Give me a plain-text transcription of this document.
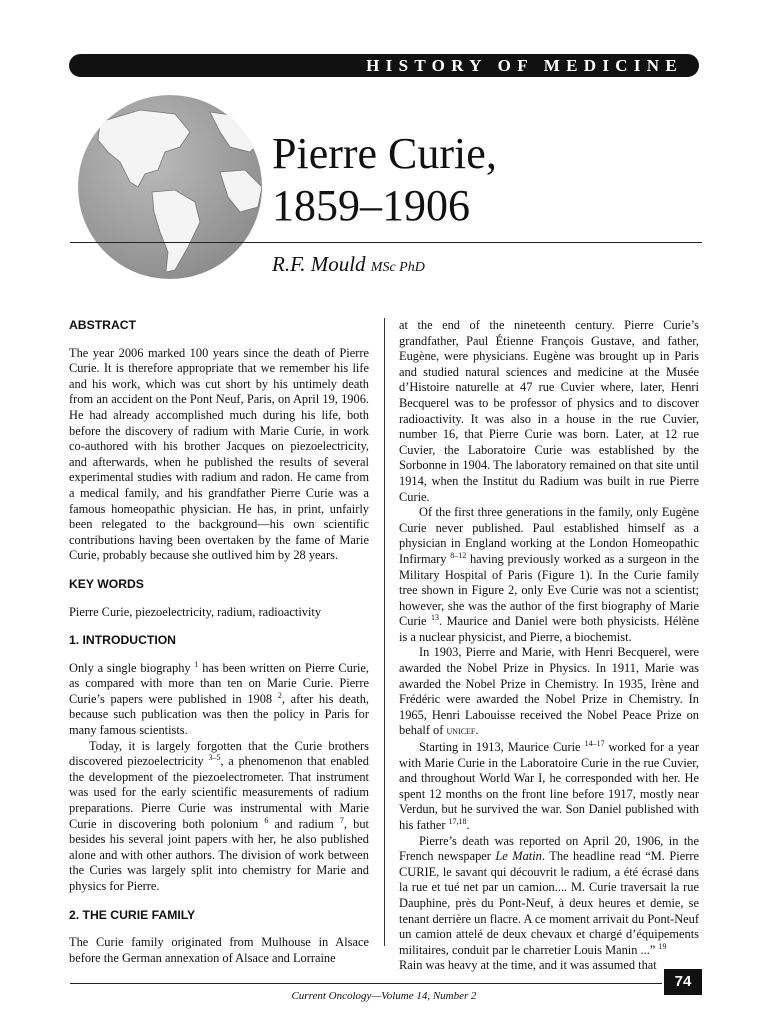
HISTORY OF MEDICINE
Pierre Curie,
1859–1906
R.F. Mould MSc PhD
ABSTRACT

The year 2006 marked 100 years since the death of Pierre Curie. It is therefore appropriate that we remember his life and his work, which was cut short by his untimely death from an accident on the Pont Neuf, Paris, on April 19, 1906. He had already accomplished much during his life, both before the discovery of radium with Marie Curie, in work co-authored with his brother Jacques on piezoelectricity, and afterwards, when he published the results of several experimental studies with radium and radon. He came from a medical family, and his grandfather Pierre Curie was a famous homeopathic physician. He has, in print, unfairly been relegated to the background—his own scientific contributions having been overtaken by the fame of Marie Curie, probably because she outlived him by 28 years.

KEY WORDS

Pierre Curie, piezoelectricity, radium, radioactivity

1. INTRODUCTION

Only a single biography $^1$ has been written on Pierre Curie, as compared with more than ten on Marie Curie. Pierre Curie’s papers were published in 1908 $^2$, after his death, because such publication was then the policy in Paris for many famous scientists.

Today, it is largely forgotten that the Curie brothers discovered piezoelectricity $^{3-5}$, a phenomenon that enabled the development of the piezoelectrometer. That instrument was used for the early scientific measurements of radium preparations. Pierre Curie was instrumental with Marie Curie in discovering both polonium $^6$ and radium $^7$, but besides his several joint papers with her, he also published alone and with other authors. The division of work between the Curies was largely split into chemistry for Marie and physics for Pierre.

2. THE CURIE FAMILY

The Curie family originated from Mulhouse in Alsace before the German annexation of Alsace and Lorraine

at the end of the nineteenth century. Pierre Curie’s grandfather, Paul Étienne François Gustave, and father, Eugène, were physicians. Eugène was brought up in Paris and studied natural sciences and medicine at the Musée d’Histoire naturelle at 47 rue Cuvier where, later, Henri Becquerel was to be professor of physics and to discover radioactivity. It was also in a house in the rue Cuvier, number 16, that Pierre Curie was born. Later, at 12 rue Cuvier, the Laboratoire Curie was established by the Sorbonne in 1904. The laboratory remained on that site until 1914, when the Institut du Radium was built in rue Pierre Curie.

Of the first three generations in the family, only Eugène Curie never published. Paul established himself as a physician in England working at the London Homeopathic Infirmary $^{8-12}$ having previously worked as a surgeon in the Military Hospital of Paris (Figure 1). In the Curie family tree shown in Figure 2, only Eve Curie was not a scientist; however, she was the author of the first biography of Marie Curie $^{13}$. Maurice and Daniel were both physicists. Hélène is a nuclear physicist, and Pierre, a biochemist.

In 1903, Pierre and Marie, with Henri Becquerel, were awarded the Nobel Prize in Physics. In 1911, Marie was awarded the Nobel Prize in Chemistry. In 1935, Irène and Frédéric were awarded the Nobel Prize in Chemistry. In 1965, Henri Labouisse received the Nobel Peace Prize on behalf of unicef.

Starting in 1913, Maurice Curie $^{14-17}$ worked for a year with Marie Curie in the Laboratoire Curie in the rue Cuvier, and throughout World War I, he corresponded with her. He spent 12 months on the front line before 1917, mostly near Verdun, but he survived the war. Son Daniel published with his father $^{17,18}$.

Pierre’s death was reported on April 20, 1906, in the French newspaper Le Matin. The headline read “M. Pierre CURIE, le savant qui découvrit le radium, a été écrasé dans la rue et tué net par un camion.... M. Curie traversait la rue Dauphine, près du Pont-Neuf, à deux heures et demie, se tenant derrière un flacre. A ce moment arrivait du Pont-Neuf un camion attelé de deux chevaux et chargé d’équipements militaires, conduit par le charretier Louis Manin ...” $^{19}$

Rain was heavy at the time, and it was assumed that

74
Current Oncology—Volume 14, Number 2
